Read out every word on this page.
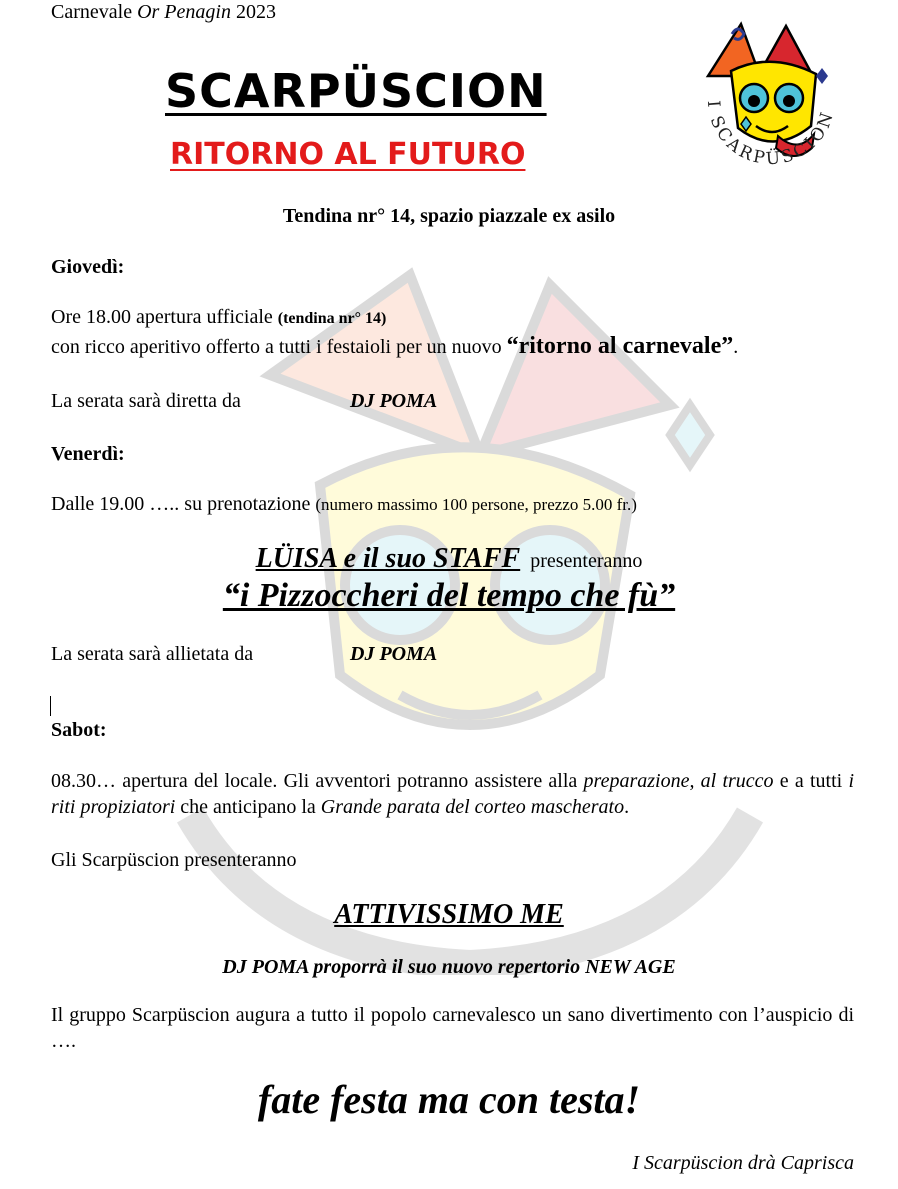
Carnevale Or Penagin 2023
SCARPÜSCION
RITORNO AL FUTURO
I SCARPÜSCION
Tendina nr° 14, spazio piazzale ex asilo
Giovedì:
Ore 18.00 apertura ufficiale (tendina nr° 14)
con ricco aperitivo offerto a tutti i festaioli per un nuovo “ritorno al carnevale”.
La serata sarà diretta da	DJ POMA
Venerdì:
Dalle 19.00 ….. su prenotazione (numero massimo 100 persone, prezzo 5.00 fr.)
LÜISA e il suo STAFF presenteranno
“i Pizzoccheri del tempo che fù”
La serata sarà allietata da	DJ POMA
Sabot:
08.30… apertura del locale. Gli avventori potranno assistere alla preparazione, al trucco e a tutti i riti propiziatori che anticipano la Grande parata del corteo mascherato.
Gli Scarpüscion presenteranno
ATTIVISSIMO ME
DJ POMA proporrà il suo nuovo repertorio NEW AGE
Il gruppo Scarpüscion augura a tutto il popolo carnevalesco un sano divertimento con l’auspicio di ….
fate festa ma con testa!
I Scarpüscion drà Caprisca
